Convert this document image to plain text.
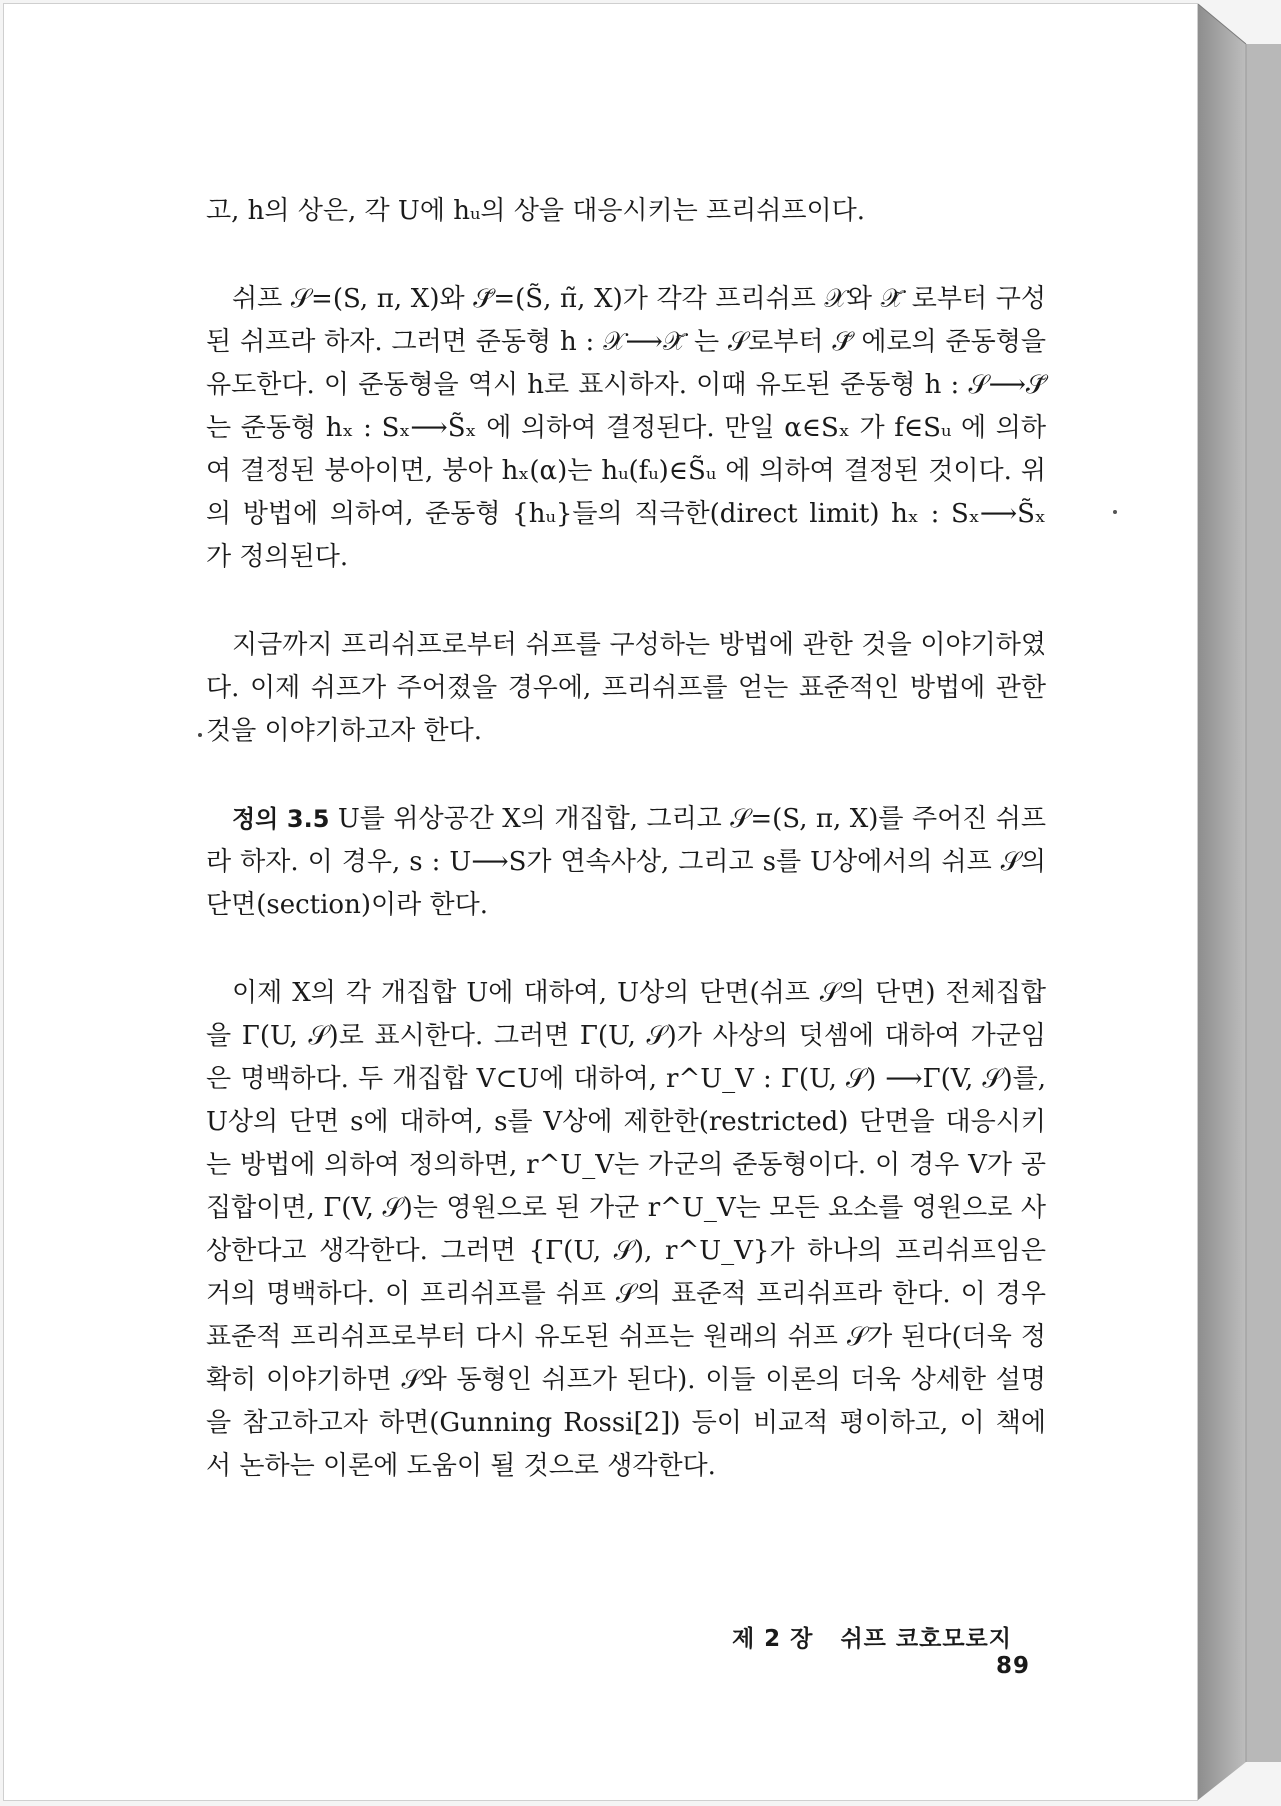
고, h의 상은, 각 U에 hᵤ의 상을 대응시키는 프리쉬프이다.

쉬프 𝒮=(S, π, X)와 𝒮̃=(S̃, π̃, X)가 각각 프리쉬프 𝒳와 𝒳̃ 로부터 구성된 쉬프라 하자. 그러면 준동형 h : 𝒳⟶𝒳̃ 는 𝒮로부터 𝒮̃ 에로의 준동형을 유도한다. 이 준동형을 역시 h로 표시하자. 이때 유도된 준동형 h : 𝒮⟶𝒮̃ 는 준동형 hₓ : Sₓ⟶S̃ₓ 에 의하여 결정된다. 만일 α∈Sₓ 가 f∈Sᵤ 에 의하여 결정된 붕아이면, 붕아 hₓ(α)는 hᵤ(fᵤ)∈S̃ᵤ 에 의하여 결정된 것이다. 위의 방법에 의하여, 준동형 {hᵤ}들의 직극한(direct limit) hₓ : Sₓ⟶S̃ₓ 가 정의된다.

지금까지 프리쉬프로부터 쉬프를 구성하는 방법에 관한 것을 이야기하였다. 이제 쉬프가 주어졌을 경우에, 프리쉬프를 얻는 표준적인 방법에 관한 것을 이야기하고자 한다.

정의 3.5 U를 위상공간 X의 개집합, 그리고 𝒮=(S, π, X)를 주어진 쉬프라 하자. 이 경우, s : U⟶S가 연속사상, 그리고 s를 U상에서의 쉬프 𝒮의 단면(section)이라 한다.

이제 X의 각 개집합 U에 대하여, U상의 단면(쉬프 𝒮의 단면) 전체집합을 Γ(U, 𝒮)로 표시한다. 그러면 Γ(U, 𝒮)가 사상의 덧셈에 대하여 가군임은 명백하다. 두 개집합 V⊂U에 대하여, r^U_V : Γ(U, 𝒮) ⟶Γ(V, 𝒮)를, U상의 단면 s에 대하여, s를 V상에 제한한(restricted) 단면을 대응시키는 방법에 의하여 정의하면, r^U_V는 가군의 준동형이다. 이 경우 V가 공집합이면, Γ(V, 𝒮)는 영원으로 된 가군 r^U_V는 모든 요소를 영원으로 사상한다고 생각한다. 그러면 {Γ(U, 𝒮), r^U_V}가 하나의 프리쉬프임은 거의 명백하다. 이 프리쉬프를 쉬프 𝒮의 표준적 프리쉬프라 한다. 이 경우 표준적 프리쉬프로부터 다시 유도된 쉬프는 원래의 쉬프 𝒮가 된다(더욱 정확히 이야기하면 𝒮와 동형인 쉬프가 된다). 이들 이론의 더욱 상세한 설명을 참고하고자 하면(Gunning Rossi[2]) 등이 비교적 평이하고, 이 책에서 논하는 이론에 도움이 될 것으로 생각한다.

제 2 장 쉬프 코호모로지   89
